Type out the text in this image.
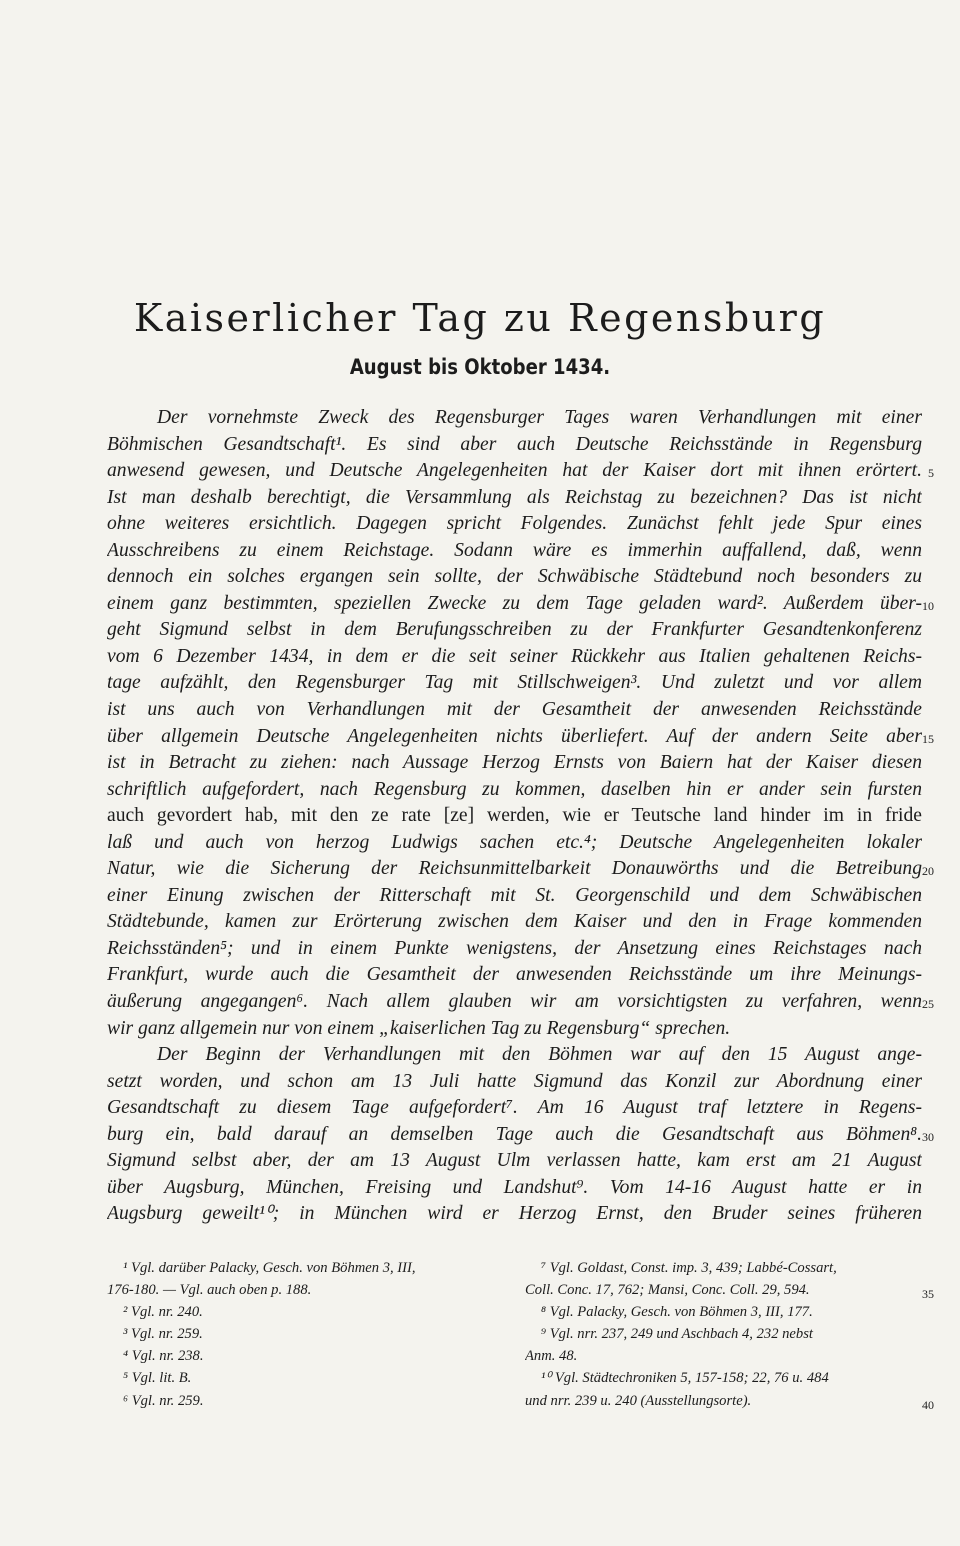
Kaiserlicher Tag zu Regensburg
August bis Oktober 1434.
Der vornehmste Zweck des Regensburger Tages waren Verhandlungen mit einer
Böhmischen Gesandtschaft¹. Es sind aber auch Deutsche Reichsstände in Regensburg
anwesend gewesen, und Deutsche Angelegenheiten hat der Kaiser dort mit ihnen erörtert.
Ist man deshalb berechtigt, die Versammlung als Reichstag zu bezeichnen? Das ist nicht
ohne weiteres ersichtlich. Dagegen spricht Folgendes. Zunächst fehlt jede Spur eines
Ausschreibens zu einem Reichstage. Sodann wäre es immerhin auffallend, daß, wenn
dennoch ein solches ergangen sein sollte, der Schwäbische Städtebund noch besonders zu
einem ganz bestimmten, speziellen Zwecke zu dem Tage geladen ward². Außerdem über-
geht Sigmund selbst in dem Berufungsschreiben zu der Frankfurter Gesandtenkonferenz
vom 6 Dezember 1434, in dem er die seit seiner Rückkehr aus Italien gehaltenen Reichs-
tage aufzählt, den Regensburger Tag mit Stillschweigen³. Und zuletzt und vor allem
ist uns auch von Verhandlungen mit der Gesamtheit der anwesenden Reichsstände
über allgemein Deutsche Angelegenheiten nichts überliefert. Auf der andern Seite aber
ist in Betracht zu ziehen: nach Aussage Herzog Ernsts von Baiern hat der Kaiser diesen
schriftlich aufgefordert, nach Regensburg zu kommen, daselben hin er ander sein fursten
auch gevordert hab, mit den ze rate [ze] werden, wie er Teutsche land hinder im in fride
laß und auch von herzog Ludwigs sachen etc.⁴; Deutsche Angelegenheiten lokaler
Natur, wie die Sicherung der Reichsunmittelbarkeit Donauwörths und die Betreibung
einer Einung zwischen der Ritterschaft mit St. Georgenschild und dem Schwäbischen
Städtebunde, kamen zur Erörterung zwischen dem Kaiser und den in Frage kommenden
Reichsständen⁵; und in einem Punkte wenigstens, der Ansetzung eines Reichstages nach
Frankfurt, wurde auch die Gesamtheit der anwesenden Reichsstände um ihre Meinungs-
äußerung angegangen⁶. Nach allem glauben wir am vorsichtigsten zu verfahren, wenn
wir ganz allgemein nur von einem „kaiserlichen Tag zu Regensburg“ sprechen.
Der Beginn der Verhandlungen mit den Böhmen war auf den 15 August ange-
setzt worden, und schon am 13 Juli hatte Sigmund das Konzil zur Abordnung einer
Gesandtschaft zu diesem Tage aufgefordert⁷. Am 16 August traf letztere in Regens-
burg ein, bald darauf an demselben Tage auch die Gesandtschaft aus Böhmen⁸.
Sigmund selbst aber, der am 13 August Ulm verlassen hatte, kam erst am 21 August
über Augsburg, München, Freising und Landshut⁹. Vom 14-16 August hatte er in
Augsburg geweilt¹⁰; in München wird er Herzog Ernst, den Bruder seines früheren
5
10
15
20
25
30
35
40
¹ Vgl. darüber Palacky, Gesch. von Böhmen 3, III,
176-180. — Vgl. auch oben p. 188.
² Vgl. nr. 240.
³ Vgl. nr. 259.
⁴ Vgl. nr. 238.
⁵ Vgl. lit. B.
⁶ Vgl. nr. 259.
⁷ Vgl. Goldast, Const. imp. 3, 439; Labbé-Cossart,
Coll. Conc. 17, 762; Mansi, Conc. Coll. 29, 594.
⁸ Vgl. Palacky, Gesch. von Böhmen 3, III, 177.
⁹ Vgl. nrr. 237, 249 und Aschbach 4, 232 nebst
Anm. 48.
¹⁰ Vgl. Städtechroniken 5, 157-158; 22, 76 u. 484
und nrr. 239 u. 240 (Ausstellungsorte).
